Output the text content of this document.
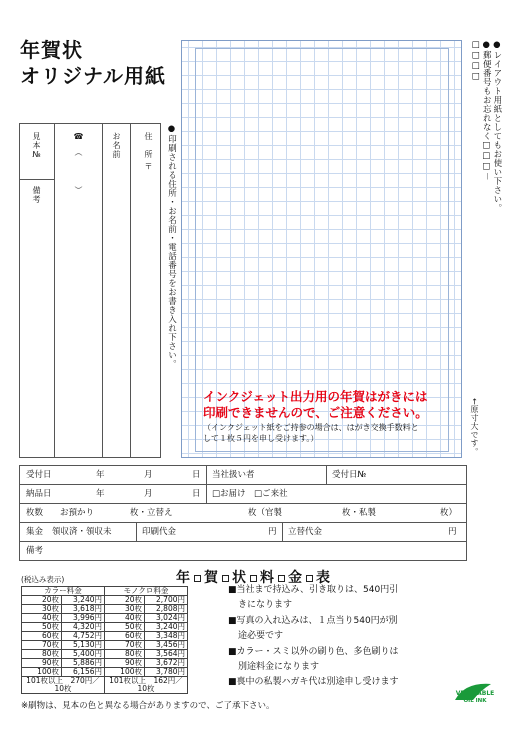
年賀状
オリジナル用紙
見本№
備考
☎
（
）
お名前	住　所
〒 ●印刷される住所・お名前・電話番号をお書き入れ下さい。
インクジェット出力用の年賀はがきには
印刷できませんので、ご注意ください。
（インクジェット紙をご持参の場合は、はがき交換手数料と
して１枚５円を申し受けます。）
●レイアウト用紙としてもお使い下さい。●郵便番号もお忘れなく□□□－□□□□
←原寸大です。
受付日	年	月	日 当社扱い者	受付日№
納品日	年	月	日 □お届け　□ご来社
枚数 お預かり	枚・立替え	枚（官製	枚・私製	枚）
集金 領収済・領収未	印刷代金	円 立替代金	円
備考
(税込み表示)	年 賀 状 料 金 表
カラー料金		モノクロ料金	
20枚	3,240円	20枚	2,700円
30枚	3,618円	30枚	2,808円
40枚	3,996円	40枚	3,024円
50枚	4,320円	50枚	3,240円
60枚	4,752円	60枚	3,348円
70枚	5,130円	70枚	3,456円
80枚	5,400円	80枚	3,564円
90枚	5,886円	90枚	3,672円
100枚	6,156円	100枚	3,780円
101枚以上　270円／10枚		101枚以上　162円／10枚	
■当社まで持込み、引き取りは、540円引
きになります
■写真の入れ込みは、１点当り540円が別
途必要です
■カラー・スミ以外の刷り色、多色刷りは
別途料金になります
■喪中の私製ハガキ代は別途申し受けます
VEGETABLE
OIL INK
※刷物は、見本の色と異なる場合がありますので、ご了承下さい。
